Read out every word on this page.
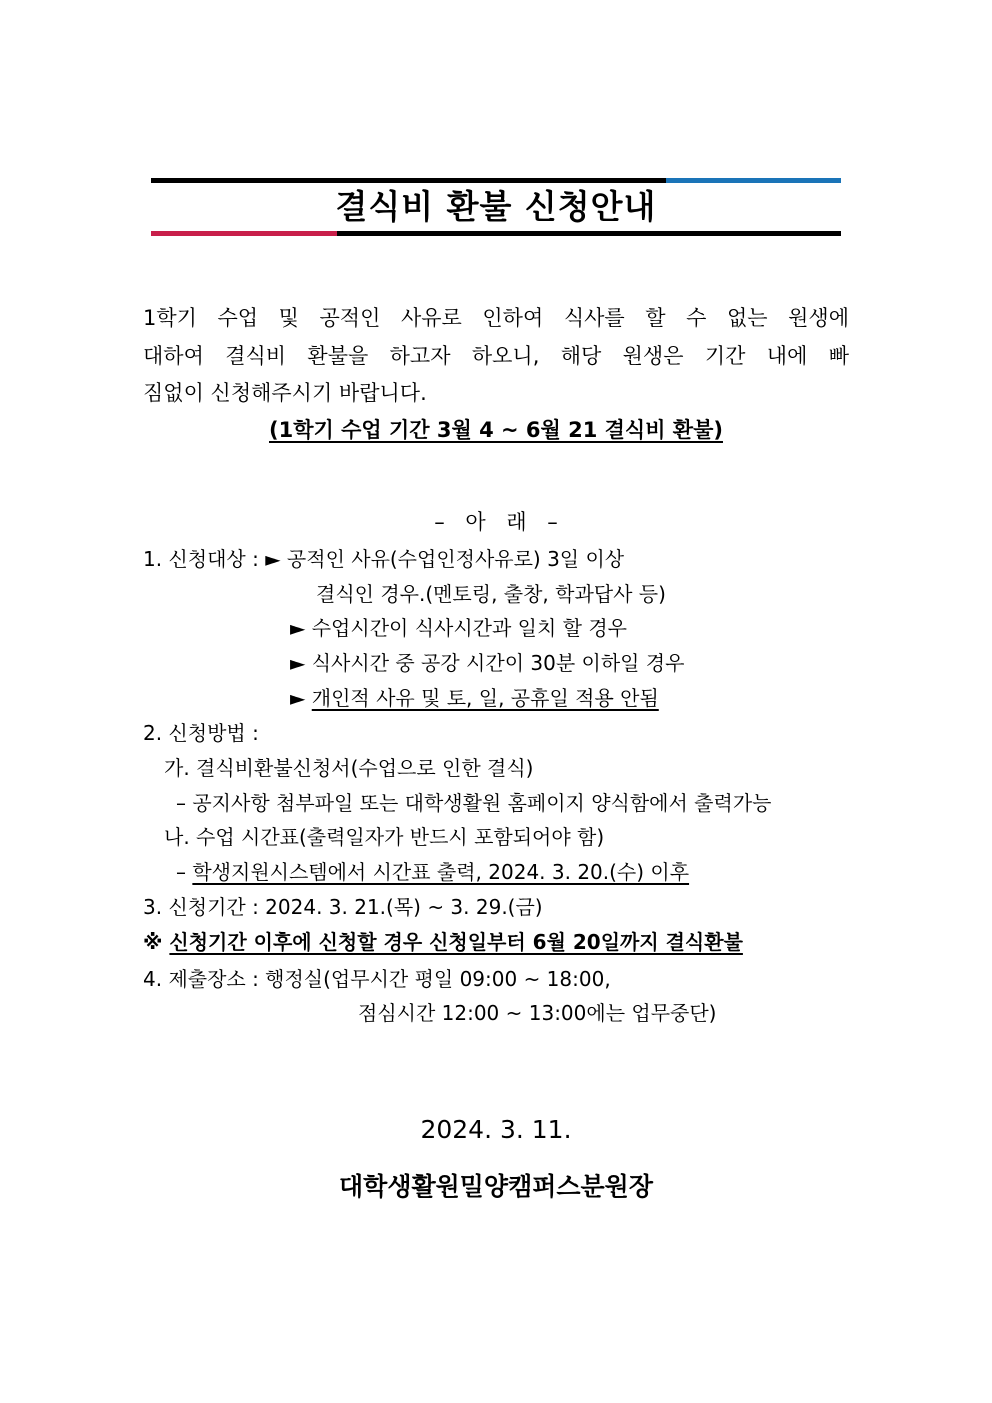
결식비 환불 신청안내
1학기 수업 및 공적인 사유로 인하여 식사를 할 수 없는 원생에
대하여 결식비 환불을 하고자 하오니, 해당 원생은 기간 내에 빠
짐없이 신청해주시기 바랍니다.
(1학기 수업 기간 3월 4 ~ 6월 21 결식비 환불)
– 아 래 –
1. 신청대상 : ► 공적인 사유(수업인정사유로) 3일 이상
결식인 경우.(멘토링, 출창, 학과답사 등)
► 수업시간이 식사시간과 일치 할 경우
► 식사시간 중 공강 시간이 30분 이하일 경우
► 개인적 사유 및 토, 일, 공휴일 적용 안됨
2. 신청방법 :
가. 결식비환불신청서(수업으로 인한 결식)
– 공지사항 첨부파일 또는 대학생활원 홈페이지 양식함에서 출력가능
나. 수업 시간표(출력일자가 반드시 포함되어야 함)
– 학생지원시스템에서 시간표 출력, 2024. 3. 20.(수) 이후
3. 신청기간 : 2024. 3. 21.(목) ~ 3. 29.(금)
※ 신청기간 이후에 신청할 경우 신청일부터 6월 20일까지 결식환불
4. 제출장소 : 행정실(업무시간 평일 09:00 ~ 18:00,
점심시간 12:00 ~ 13:00에는 업무중단)
2024. 3. 11.
대학생활원밀양캠퍼스분원장
